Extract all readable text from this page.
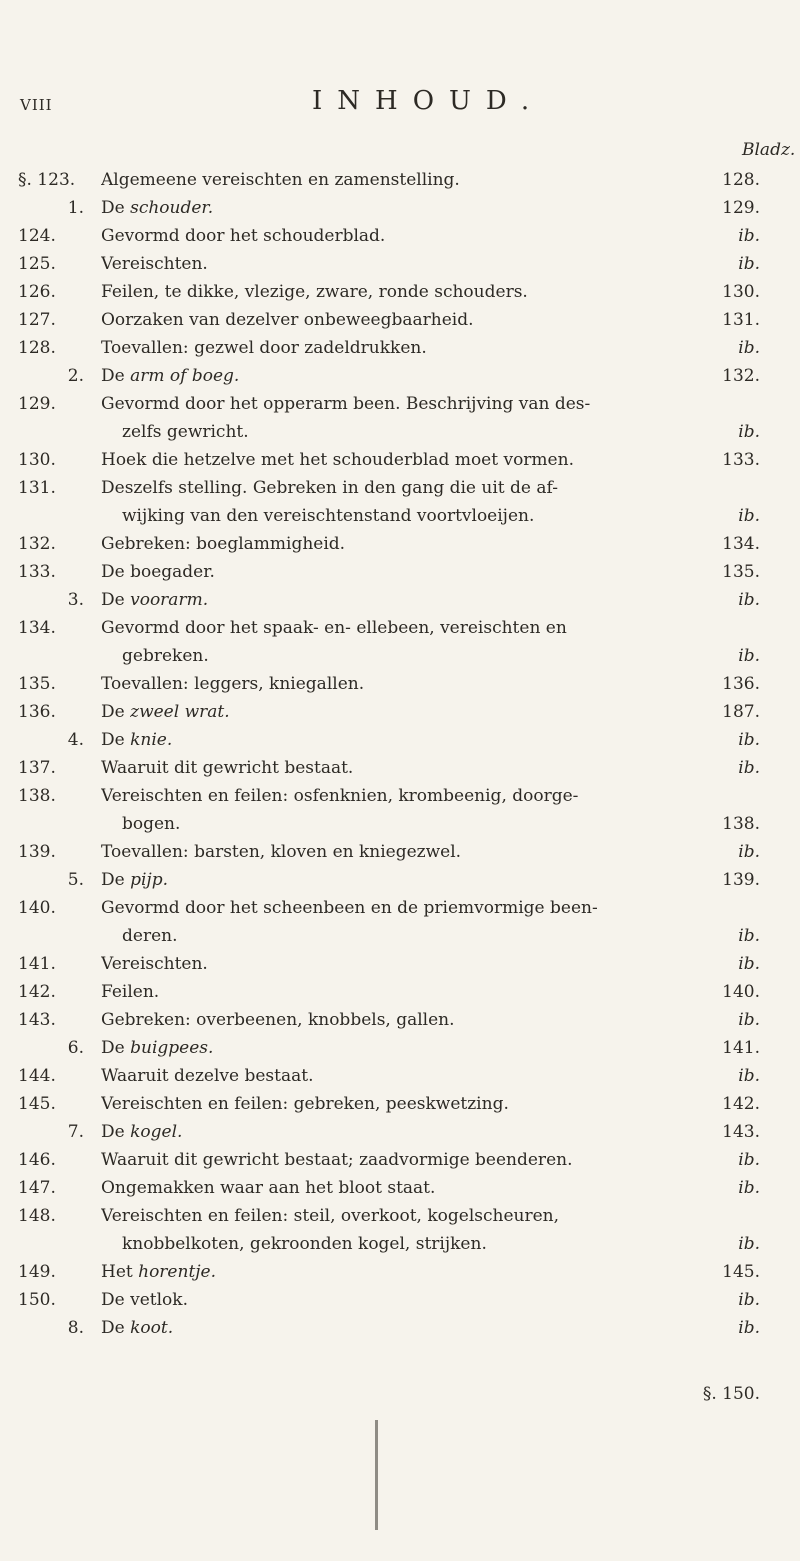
VIII	INHOUD.
Bladz.
§. 123.	Algemeene vereischten en zamenstelling.	128.
1. De schouder.	129.
124.	Gevormd door het schouderblad.	ib.
125.	Vereischten.	ib.
126.	Feilen, te dikke, vlezige, zware, ronde schouders.	130.
127.	Oorzaken van dezelver onbeweegbaarheid.	131.
128.	Toevallen: gezwel door zadeldrukken.	ib.
2. De arm of boeg.	132.
129.	Gevormd door het opperarm been. Beschrijving van des-
zelfs gewricht.	ib.
130.	Hoek die hetzelve met het schouderblad moet vormen.	133.
131.	Deszelfs stelling. Gebreken in den gang die uit de af-
wijking van den vereischtenstand voortvloeijen.	ib.
132.	Gebreken: boeglammigheid.	134.
133.	De boegader.	135.
3. De voorarm.	ib.
134.	Gevormd door het spaak- en- ellebeen, vereischten en
gebreken.	ib.
135.	Toevallen: leggers, kniegallen.	136.
136.	De zweel wrat.	187.
4. De knie.	ib.
137.	Waaruit dit gewricht bestaat.	ib.
138.	Vereischten en feilen: osfenknien, krombeenig, doorge-
bogen.	138.
139.	Toevallen: barsten, kloven en kniegezwel.	ib.
5. De pijp.	139.
140.	Gevormd door het scheenbeen en de priemvormige been-
deren.	ib.
141.	Vereischten.	ib.
142.	Feilen.	140.
143.	Gebreken: overbeenen, knobbels, gallen.	ib.
6. De buigpees.	141.
144.	Waaruit dezelve bestaat.	ib.
145.	Vereischten en feilen: gebreken, peeskwetzing.	142.
7. De kogel.	143.
146.	Waaruit dit gewricht bestaat; zaadvormige beenderen.	ib.
147.	Ongemakken waar aan het bloot staat.	ib.
148.	Vereischten en feilen: steil, overkoot, kogelscheuren,
knobbelkoten, gekroonden kogel, strijken.	ib.
149.	Het horentje.	145.
150.	De vetlok.	ib.
8. De koot.	ib.
§. 150.
